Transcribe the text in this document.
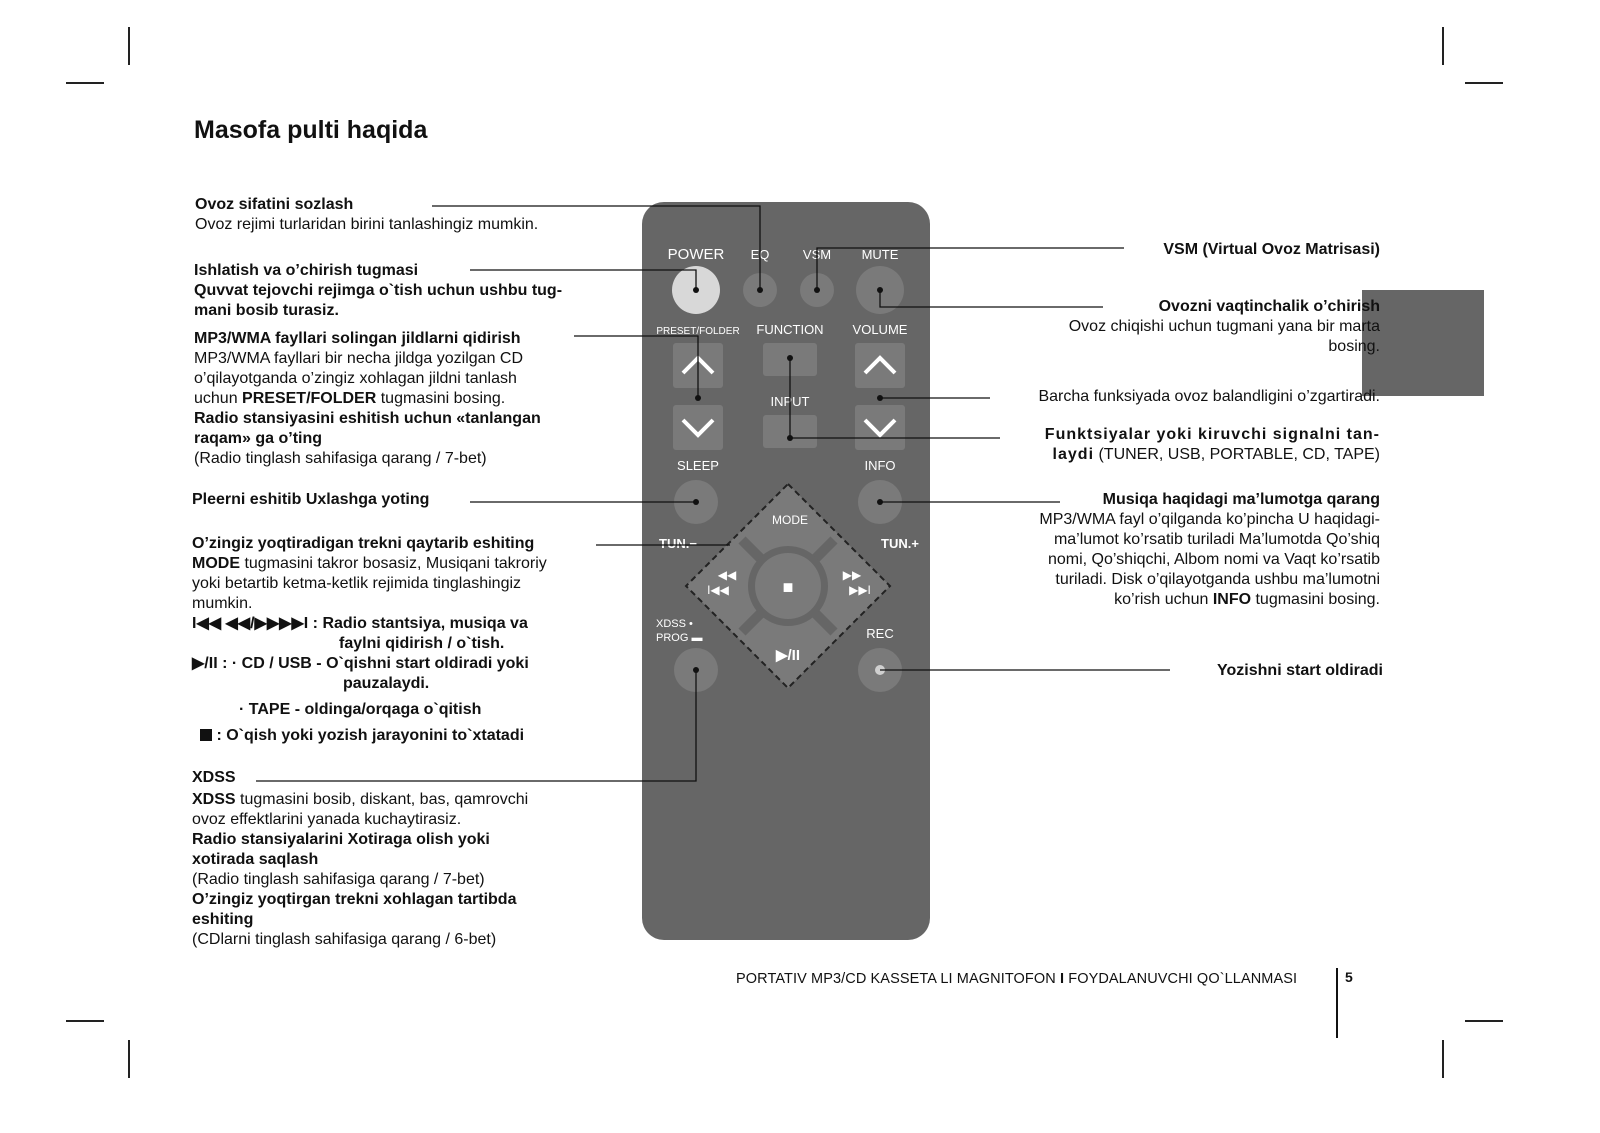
Masofa pulti haqida
POWER EQ	VSM MUTE
PRESET/FOLDER FUNCTION VOLUME
INPUT
SLEEP	INFO
MODE
TUN.−	TUN.+
XDSS •
PROG ▬	REC
◀◀
I◀◀
▶▶
▶▶I
■
▶/II
Ovoz sifatini sozlash
Ovoz rejimi turlaridan birini tanlashingiz mumkin.
Ishlatish va o’chirish tugmasi
Quvvat tejovchi rejimga o`tish uchun ushbu tug-
mani bosib turasiz.
MP3/WMA fayllari solingan jildlarni qidirish
MP3/WMA fayllari bir necha jildga yozilgan CD
o’qilayotganda o’zingiz xohlagan jildni tanlash
uchun PRESET/FOLDER tugmasini bosing.
Radio stansiyasini eshitish uchun «tanlangan
raqam» ga o’ting
(Radio tinglash sahifasiga qarang / 7-bet)
Pleerni eshitib Uxlashga yoting
O’zingiz yoqtiradigan trekni qaytarib eshiting
MODE tugmasini takror bosasiz, Musiqani takroriy
yoki betartib ketma-ketlik rejimida tinglashingiz
mumkin.
I◀◀ ◀◀/▶▶▶▶I : Radio stantsiya, musiqa va
faylni qidirish / o`tish.
▶/II : · CD / USB - O`qishni start oldiradi yoki
pauzalaydi.
· TAPE - oldinga/orqaga o`qitish
: O`qish yoki yozish jarayonini to`xtatadi
XDSS
XDSS tugmasini bosib, diskant, bas, qamrovchi
ovoz effektlarini yanada kuchaytirasiz.
Radio stansiyalarini Xotiraga olish yoki
xotirada saqlash
(Radio tinglash sahifasiga qarang / 7-bet)
O’zingiz yoqtirgan trekni xohlagan tartibda
eshiting
(CDlarni tinglash sahifasiga qarang / 6-bet)
VSM (Virtual Ovoz Matrisasi)
Ovozni vaqtinchalik o’chirish
Ovoz chiqishi uchun tugmani yana bir marta
bosing.
Barcha funksiyada ovoz balandligini o’zgartiradi.
Funktsiyalar yoki kiruvchi signalni tan-
laydi (TUNER, USB, PORTABLE, CD, TAPE)
Musiqa haqidagi ma’lumotga qarang
MP3/WMA fayl o’qilganda ko’pincha U haqidagi-
ma’lumot ko’rsatib turiladi Ma’lumotda Qo’shiq
nomi, Qo’shiqchi, Albom nomi va Vaqt ko’rsatib
turiladi. Disk o’qilayotganda ushbu ma’lumotni
ko’rish uchun INFO tugmasini bosing.
Yozishni start oldiradi
PORTATIV MP3/CD KASSETA LI MAGNITOFON I FOYDALANUVCHI QO`LLANMASI	5
